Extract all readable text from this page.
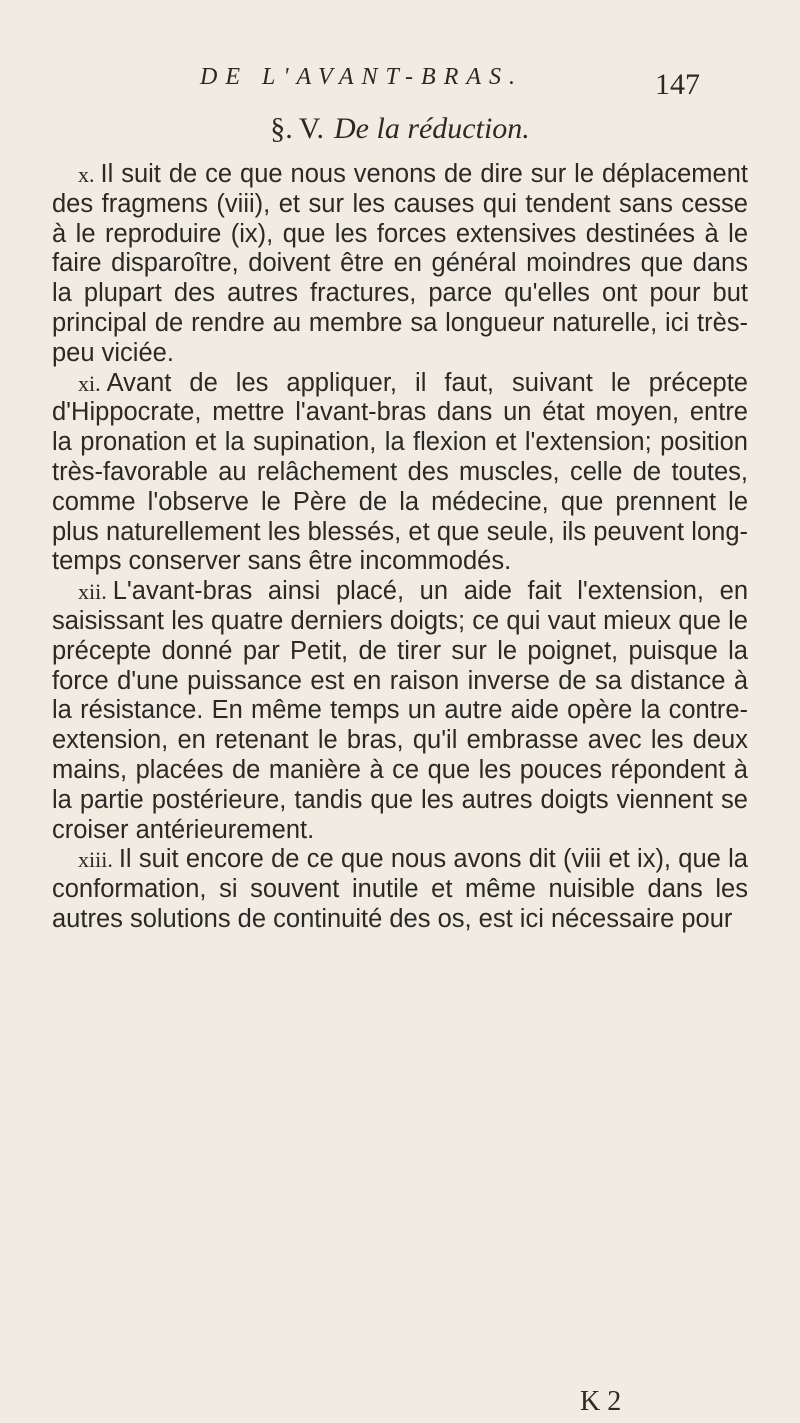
DE L'AVANT-BRAS.	147
§. V. De la réduction.

x. Il suit de ce que nous venons de dire sur le déplacement des fragmens (viii), et sur les causes qui tendent sans cesse à le reproduire (ix), que les forces extensives destinées à le faire disparoître, doivent être en général moindres que dans la plupart des autres fractures, parce qu'elles ont pour but principal de rendre au membre sa longueur naturelle, ici très-peu viciée.

xi. Avant de les appliquer, il faut, suivant le précepte d'Hippocrate, mettre l'avant-bras dans un état moyen, entre la pronation et la supination, la flexion et l'extension; position très-favorable au relâchement des muscles, celle de toutes, comme l'observe le Père de la médecine, que prennent le plus naturellement les blessés, et que seule, ils peuvent long-temps conserver sans être incommodés.

xii. L'avant-bras ainsi placé, un aide fait l'extension, en saisissant les quatre derniers doigts; ce qui vaut mieux que le précepte donné par Petit, de tirer sur le poignet, puisque la force d'une puissance est en raison inverse de sa distance à la résistance. En même temps un autre aide opère la contre-extension, en retenant le bras, qu'il embrasse avec les deux mains, placées de manière à ce que les pouces répondent à la partie postérieure, tandis que les autres doigts viennent se croiser antérieurement.

xiii. Il suit encore de ce que nous avons dit (viii et ix), que la conformation, si souvent inutile et même nuisible dans les autres solutions de continuité des os, est ici nécessaire pour

K 2
